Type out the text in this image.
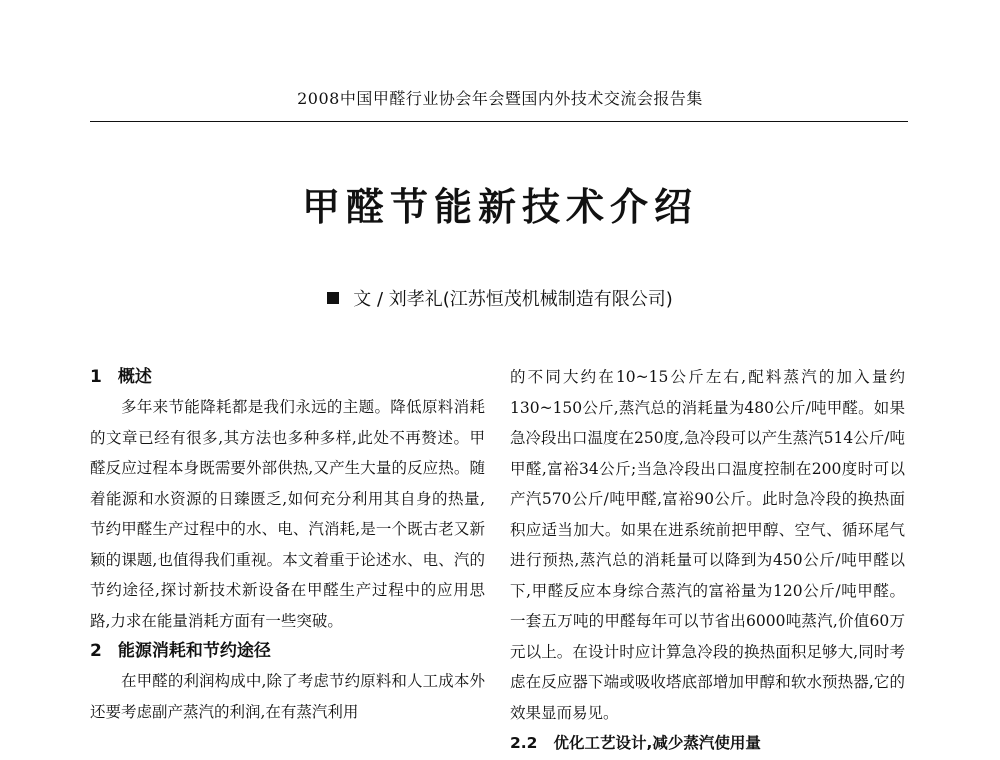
2008中国甲醛行业协会年会暨国内外技术交流会报告集
甲醛节能新技术介绍
文 / 刘孝礼(江苏恒茂机械制造有限公司)

1 概述

多年来节能降耗都是我们永远的主题。降低原料消耗的文章已经有很多,其方法也多种多样,此处不再赘述。甲醛反应过程本身既需要外部供热,又产生大量的反应热。随着能源和水资源的日臻匮乏,如何充分利用其自身的热量,节约甲醛生产过程中的水、电、汽消耗,是一个既古老又新颖的课题,也值得我们重视。本文着重于论述水、电、汽的节约途径,探讨新技术新设备在甲醛生产过程中的应用思路,力求在能量消耗方面有一些突破。

2 能源消耗和节约途径

在甲醛的利润构成中,除了考虑节约原料和人工成本外还要考虑副产蒸汽的利润,在有蒸汽利用

的不同大约在10~15公斤左右,配料蒸汽的加入量约130~150公斤,蒸汽总的消耗量为480公斤/吨甲醛。如果急冷段出口温度在250度,急冷段可以产生蒸汽514公斤/吨甲醛,富裕34公斤;当急冷段出口温度控制在200度时可以产汽570公斤/吨甲醛,富裕90公斤。此时急冷段的换热面积应适当加大。如果在进系统前把甲醇、空气、循环尾气进行预热,蒸汽总的消耗量可以降到为450公斤/吨甲醛以下,甲醛反应本身综合蒸汽的富裕量为120公斤/吨甲醛。一套五万吨的甲醛每年可以节省出6000吨蒸汽,价值60万元以上。在设计时应计算急冷段的换热面积足够大,同时考虑在反应器下端或吸收塔底部增加甲醇和软水预热器,它的效果显而易见。

2.2 优化工艺设计,减少蒸汽使用量
